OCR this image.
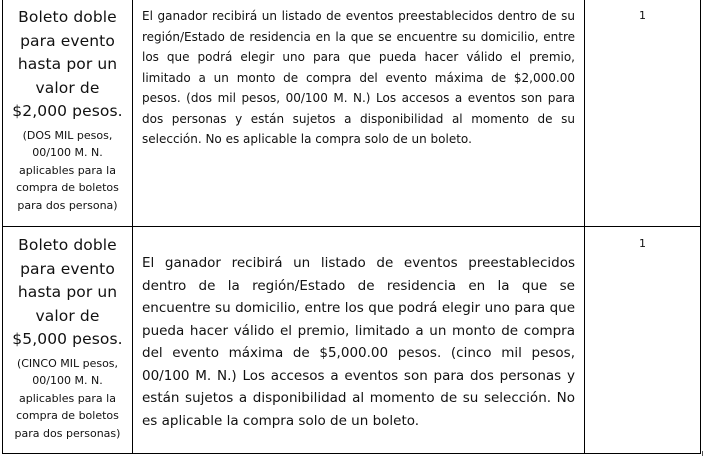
Boleto doble para evento hasta por un valor de $2,000 pesos.
(DOS MIL pesos, 00/100 M. N. aplicables para la compra de boletos para dos persona)	El ganador recibirá un listado de eventos preestablecidos dentro de su región/Estado de residencia en la que se encuentre su domicilio, entre los que podrá elegir uno para que pueda hacer válido el premio, limitado a un monto de compra del evento máxima de $2,000.00 pesos. (dos mil pesos, 00/100 M. N.) Los accesos a eventos son para dos personas y están sujetos a disponibilidad al momento de su selección. No es aplicable la compra solo de un boleto.	1

Boleto doble para evento hasta por un valor de $5,000 pesos.
(CINCO MIL pesos, 00/100 M. N. aplicables para la compra de boletos para dos personas)	El ganador recibirá un listado de eventos preestablecidos dentro de la región/Estado de residencia en la que se encuentre su domicilio, entre los que podrá elegir uno para que pueda hacer válido el premio, limitado a un monto de compra del evento máxima de $5,000.00 pesos. (cinco mil pesos, 00/100 M. N.) Los accesos a eventos son para dos personas y están sujetos a disponibilidad al momento de su selección. No es aplicable la compra solo de un boleto.	1
